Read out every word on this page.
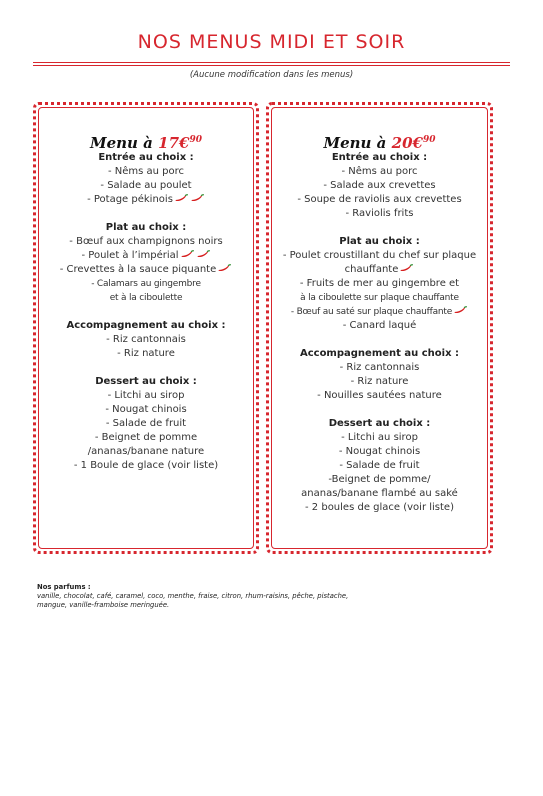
NOS MENUS MIDI ET SOIR
(Aucune modification dans les menus)
Menu à 17€$^{90}$
Entrée au choix :
- Nêms au porc
- Salade au poulet
- Potage pékinois
Plat au choix :
- Bœuf aux champignons noirs
- Poulet à l’impérial
- Crevettes à la sauce piquante
- Calamars au gingembre
et à la ciboulette
Accompagnement au choix :
- Riz cantonnais
- Riz nature
Dessert au choix :
- Litchi au sirop
- Nougat chinois
- Salade de fruit
- Beignet de pomme
/ananas/banane nature
- 1 Boule de glace (voir liste)
Menu à 20€$^{90}$
Entrée au choix :
- Nêms au porc
- Salade aux crevettes
- Soupe de raviolis aux crevettes
- Raviolis frits
Plat au choix :
- Poulet croustillant du chef sur plaque
chauffante
- Fruits de mer au gingembre et
à la ciboulette sur plaque chauffante
- Bœuf au saté sur plaque chauffante
- Canard laqué
Accompagnement au choix :
- Riz cantonnais
- Riz nature
- Nouilles sautées nature
Dessert au choix :
- Litchi au sirop
- Nougat chinois
- Salade de fruit
-Beignet de pomme/
ananas/banane flambé au saké
- 2 boules de glace (voir liste)
Nos parfums :
vanille, chocolat, café, caramel, coco, menthe, fraise, citron, rhum-raisins, pêche, pistache,
mangue, vanille-framboise meringuée.
